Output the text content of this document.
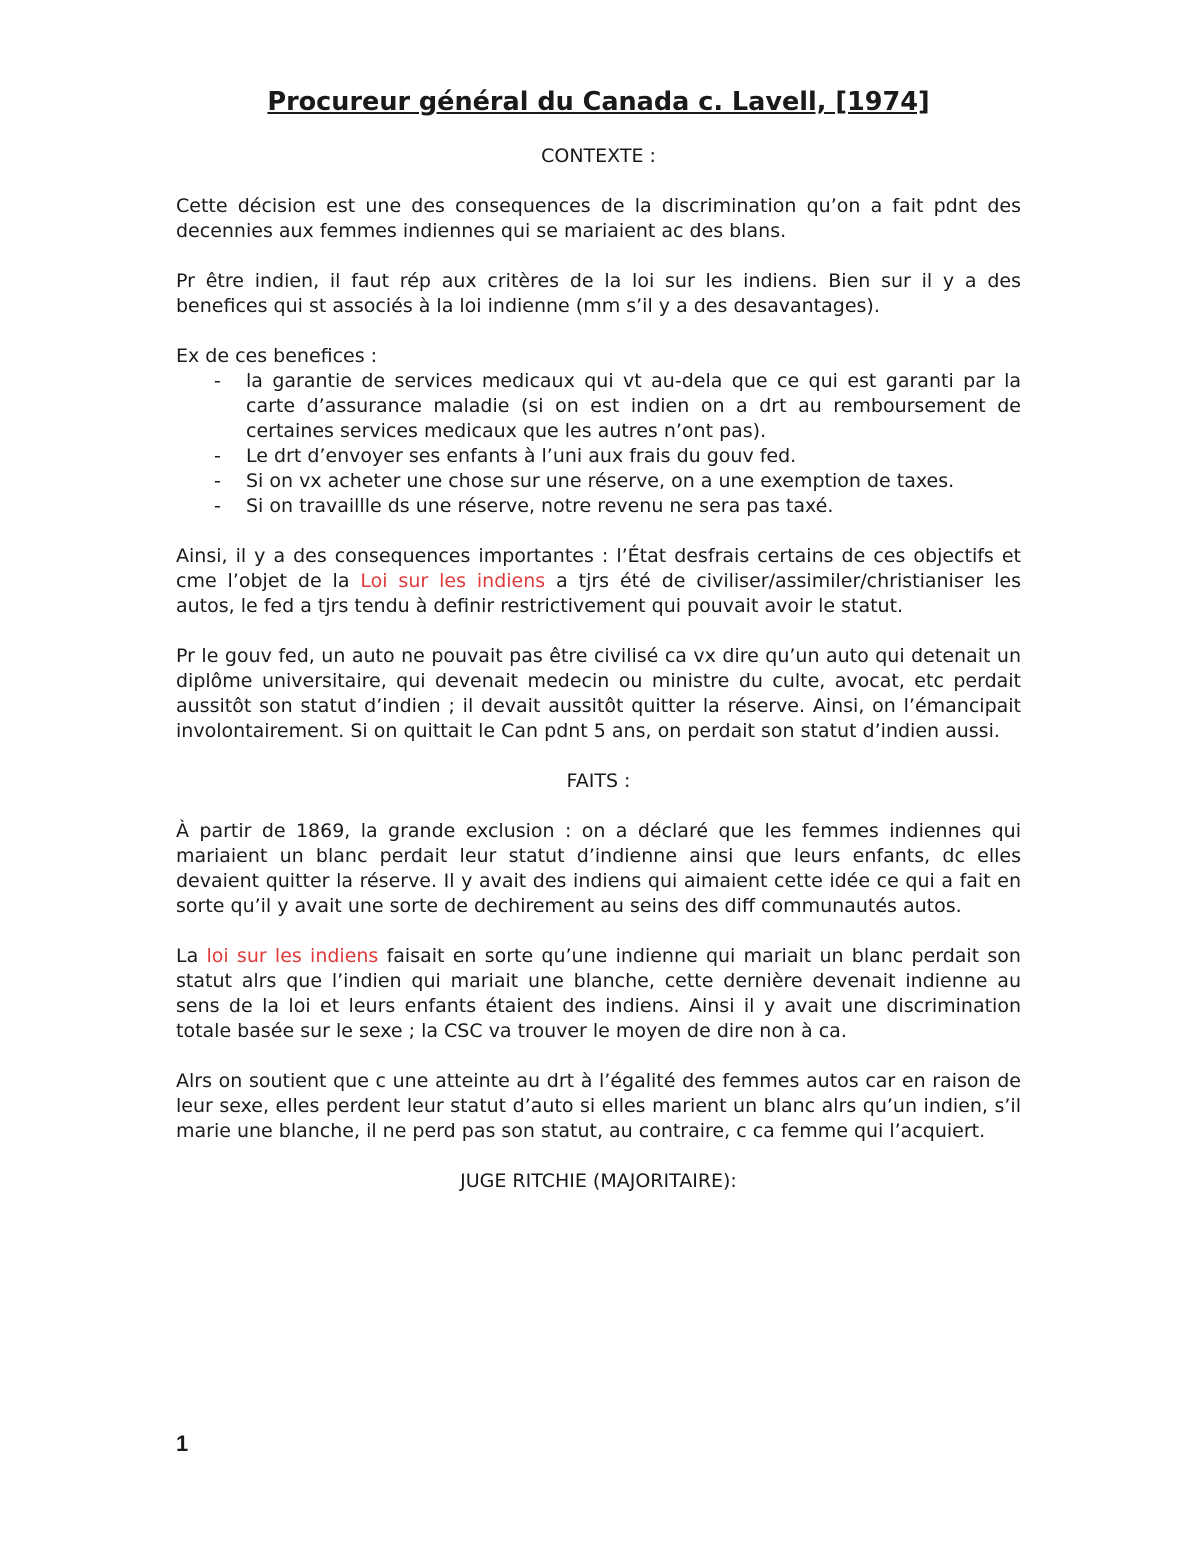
Procureur général du Canada c. Lavell, [1974]
CONTEXTE :

Cette décision est une des consequences de la discrimination qu’on a fait pdnt des decennies aux femmes indiennes qui se mariaient ac des blans.

Pr être indien, il faut rép aux critères de la loi sur les indiens. Bien sur il y a des benefices qui st associés à la loi indienne (mm s’il y a des desavantages).

Ex de ces benefices :

- la garantie de services medicaux qui vt au-dela que ce qui est garanti par la carte d’assurance maladie (si on est indien on a drt au remboursement de certaines services medicaux que les autres n’ont pas).
- Le drt d’envoyer ses enfants à l’uni aux frais du gouv fed.
- Si on vx acheter une chose sur une réserve, on a une exemption de taxes.
- Si on travaillle ds une réserve, notre revenu ne sera pas taxé.

Ainsi, il y a des consequences importantes : l’État desfrais certains de ces objectifs et cme l’objet de la Loi sur les indiens a tjrs été de civiliser/assimiler/christianiser les autos, le fed a tjrs tendu à definir restrictivement qui pouvait avoir le statut.

Pr le gouv fed, un auto ne pouvait pas être civilisé ca vx dire qu’un auto qui detenait un diplôme universitaire, qui devenait medecin ou ministre du culte, avocat, etc perdait aussitôt son statut d’indien ; il devait aussitôt quitter la réserve. Ainsi, on l’émancipait involontairement. Si on quittait le Can pdnt 5 ans, on perdait son statut d’indien aussi.

FAITS :

À partir de 1869, la grande exclusion : on a déclaré que les femmes indiennes qui mariaient un blanc perdait leur statut d’indienne ainsi que leurs enfants, dc elles devaient quitter la réserve. Il y avait des indiens qui aimaient cette idée ce qui a fait en sorte qu’il y avait une sorte de dechirement au seins des diff communautés autos.

La loi sur les indiens faisait en sorte qu’une indienne qui mariait un blanc perdait son statut alrs que l’indien qui mariait une blanche, cette dernière devenait indienne au sens de la loi et leurs enfants étaient des indiens. Ainsi il y avait une discrimination totale basée sur le sexe ; la CSC va trouver le moyen de dire non à ca.

Alrs on soutient que c une atteinte au drt à l’égalité des femmes autos car en raison de leur sexe, elles perdent leur statut d’auto si elles marient un blanc alrs qu’un indien, s’il marie une blanche, il ne perd pas son statut, au contraire, c ca femme qui l’acquiert.

JUGE RITCHIE (MAJORITAIRE):
1
